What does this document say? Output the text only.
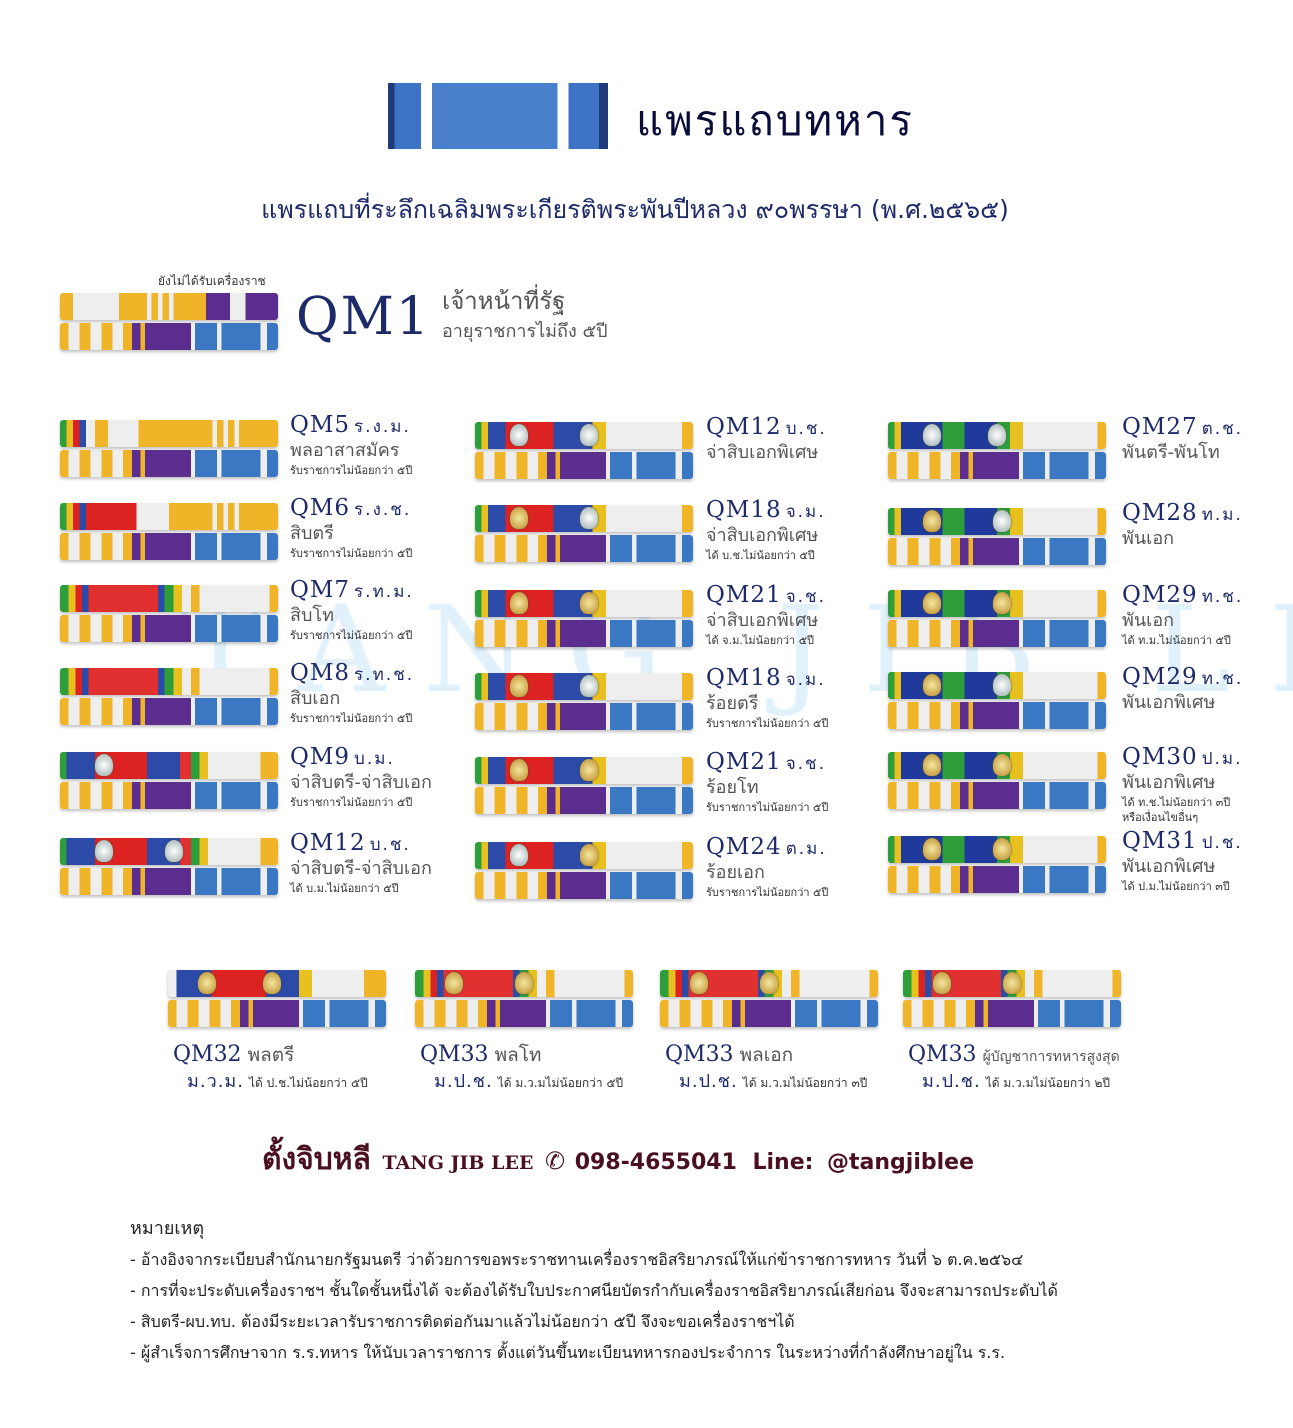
แพรแถบทหาร
แพรแถบที่ระลึกเฉลิมพระเกียรติพระพันปีหลวง ๙๐พรรษา (พ.ศ.๒๕๖๕)
ยังไม่ได้รับเครื่องราช
QM1 เจ้าหน้าที่รัฐ
อายุราชการไม่ถึง ๕ปี
QM5 ร.ง.ม.
พลอาสาสมัคร
รับราชการไม่น้อยกว่า ๕ปี
QM6 ร.ง.ช.
สิบตรี
รับราชการไม่น้อยกว่า ๕ปี
QM7 ร.ท.ม.
สิบโท
รับราชการไม่น้อยกว่า ๕ปี
QM8 ร.ท.ช.
สิบเอก
รับราชการไม่น้อยกว่า ๕ปี
QM9 บ.ม.
จ่าสิบตรี-จ่าสิบเอก
รับราชการไม่น้อยกว่า ๕ปี
QM12 บ.ช.
จ่าสิบตรี-จ่าสิบเอก
ได้ บ.ม.ไม่น้อยกว่า ๕ปี
QM12 บ.ช.
จ่าสิบเอกพิเศษ
QM18 จ.ม.
จ่าสิบเอกพิเศษ
ได้ บ.ช.ไม่น้อยกว่า ๕ปี
QM21 จ.ช.
จ่าสิบเอกพิเศษ
ได้ จ.ม.ไม่น้อยกว่า ๕ปี
QM18 จ.ม.
ร้อยตรี
รับราชการไม่น้อยกว่า ๕ปี
QM21 จ.ช.
ร้อยโท
รับราชการไม่น้อยกว่า ๕ปี
QM24 ต.ม.
ร้อยเอก
รับราชการไม่น้อยกว่า ๕ปี
QM27 ต.ช.
พันตรี-พันโท
QM28 ท.ม.
พันเอก
QM29 ท.ช.
พันเอก
ได้ ท.ม.ไม่น้อยกว่า ๕ปี
QM29 ท.ช.
พันเอกพิเศษ
QM30 ป.ม.
พันเอกพิเศษ
ได้ ท.ช.ไม่น้อยกว่า ๓ปี
หรือเงื่อนไขอื่นๆ
QM31 ป.ช.
พันเอกพิเศษ
ได้ ป.ม.ไม่น้อยกว่า ๓ปี
QM32 พลตรี
ม.ว.ม. ได้ ป.ช.ไม่น้อยกว่า ๕ปี
QM33 พลโท
ม.ป.ช. ได้ ม.ว.มไม่น้อยกว่า ๕ปี
QM33 พลเอก
ม.ป.ช. ได้ ม.ว.มไม่น้อยกว่า ๓ปี
QM33 ผู้บัญชาการทหารสูงสุด
ม.ป.ช. ได้ ม.ว.มไม่น้อยกว่า ๒ปี
ตั้งจิบหลี TANG JIB LEE ✆ 098-4655041 Line: @tangjiblee
หมายเหตุ
- อ้างอิงจากระเบียบสำนักนายกรัฐมนตรี ว่าด้วยการขอพระราชทานเครื่องราชอิสริยาภรณ์ให้แก่ข้าราชการทหาร วันที่ ๖ ต.ค.๒๕๖๔
- การที่จะประดับเครื่องราชฯ ชั้นใดชั้นหนึ่งได้ จะต้องได้รับใบประกาศนียบัตรกำกับเครื่องราชอิสริยาภรณ์เสียก่อน จึงจะสามารถประดับได้
- สิบตรี-ผบ.ทบ. ต้องมีระยะเวลารับราชการติดต่อกันมาแล้วไม่น้อยกว่า ๕ปี จึงจะขอเครื่องราชฯได้
- ผู้สำเร็จการศึกษาจาก ร.ร.ทหาร ให้นับเวลาราชการ ตั้งแต่วันขึ้นทะเบียนทหารกองประจำการ ในระหว่างที่กำลังศึกษาอยู่ใน ร.ร.
